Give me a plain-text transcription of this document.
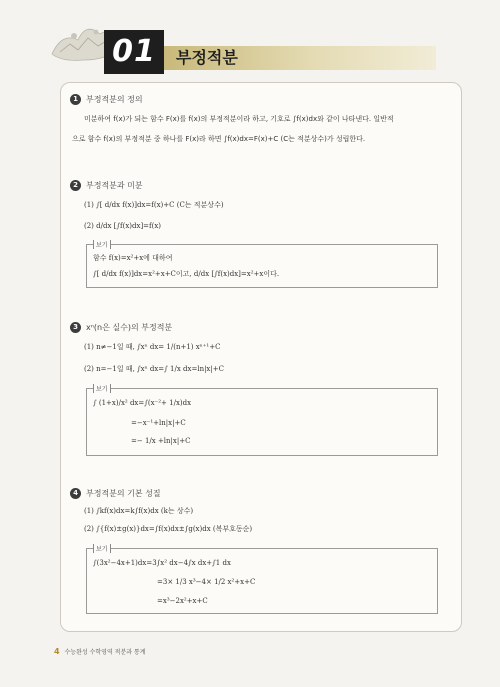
01	부정적분
1	부정적분의 정의
미분하여 f(x)가 되는 함수 F(x)를 f(x)의 부정적분이라 하고, 기호로 ∫f(x)dx와 같이 나타낸다. 일반적
으로 함수 f(x)의 부정적분 중 하나를 F(x)라 하면 ∫f(x)dx=F(x)+C (C는 적분상수)가 성립한다.
2	부정적분과 미분
(1) ∫[ d/dx f(x)]dx=f(x)+C (C는 적분상수)
(2) d/dx [∫f(x)dx]=f(x)
보기
함수 f(x)=x²+x에 대하여
∫[ d/dx f(x)]dx=x²+x+C이고, d/dx [∫f(x)dx]=x²+x이다.
3	xⁿ(n은 실수)의 부정적분
(1) n≠−1일 때, ∫xⁿ dx= 1/(n+1) xⁿ⁺¹+C
(2) n=−1일 때, ∫xⁿ dx=∫ 1/x dx=ln|x|+C
보기
∫ (1+x)/x² dx=∫(x⁻²+ 1/x)dx
=−x⁻¹+ln|x|+C
=− 1/x +ln|x|+C
4	부정적분의 기본 성질
(1) ∫kf(x)dx=k∫f(x)dx (k는 상수)
(2) ∫{f(x)±g(x)}dx=∫f(x)dx±∫g(x)dx (복부호동순)
보기
∫(3x²−4x+1)dx=3∫x² dx−4∫x dx+∫1 dx
=3× 1/3 x³−4× 1/2 x²+x+C
=x³−2x²+x+C
4 수능완성 수학영역 적분과 통계
